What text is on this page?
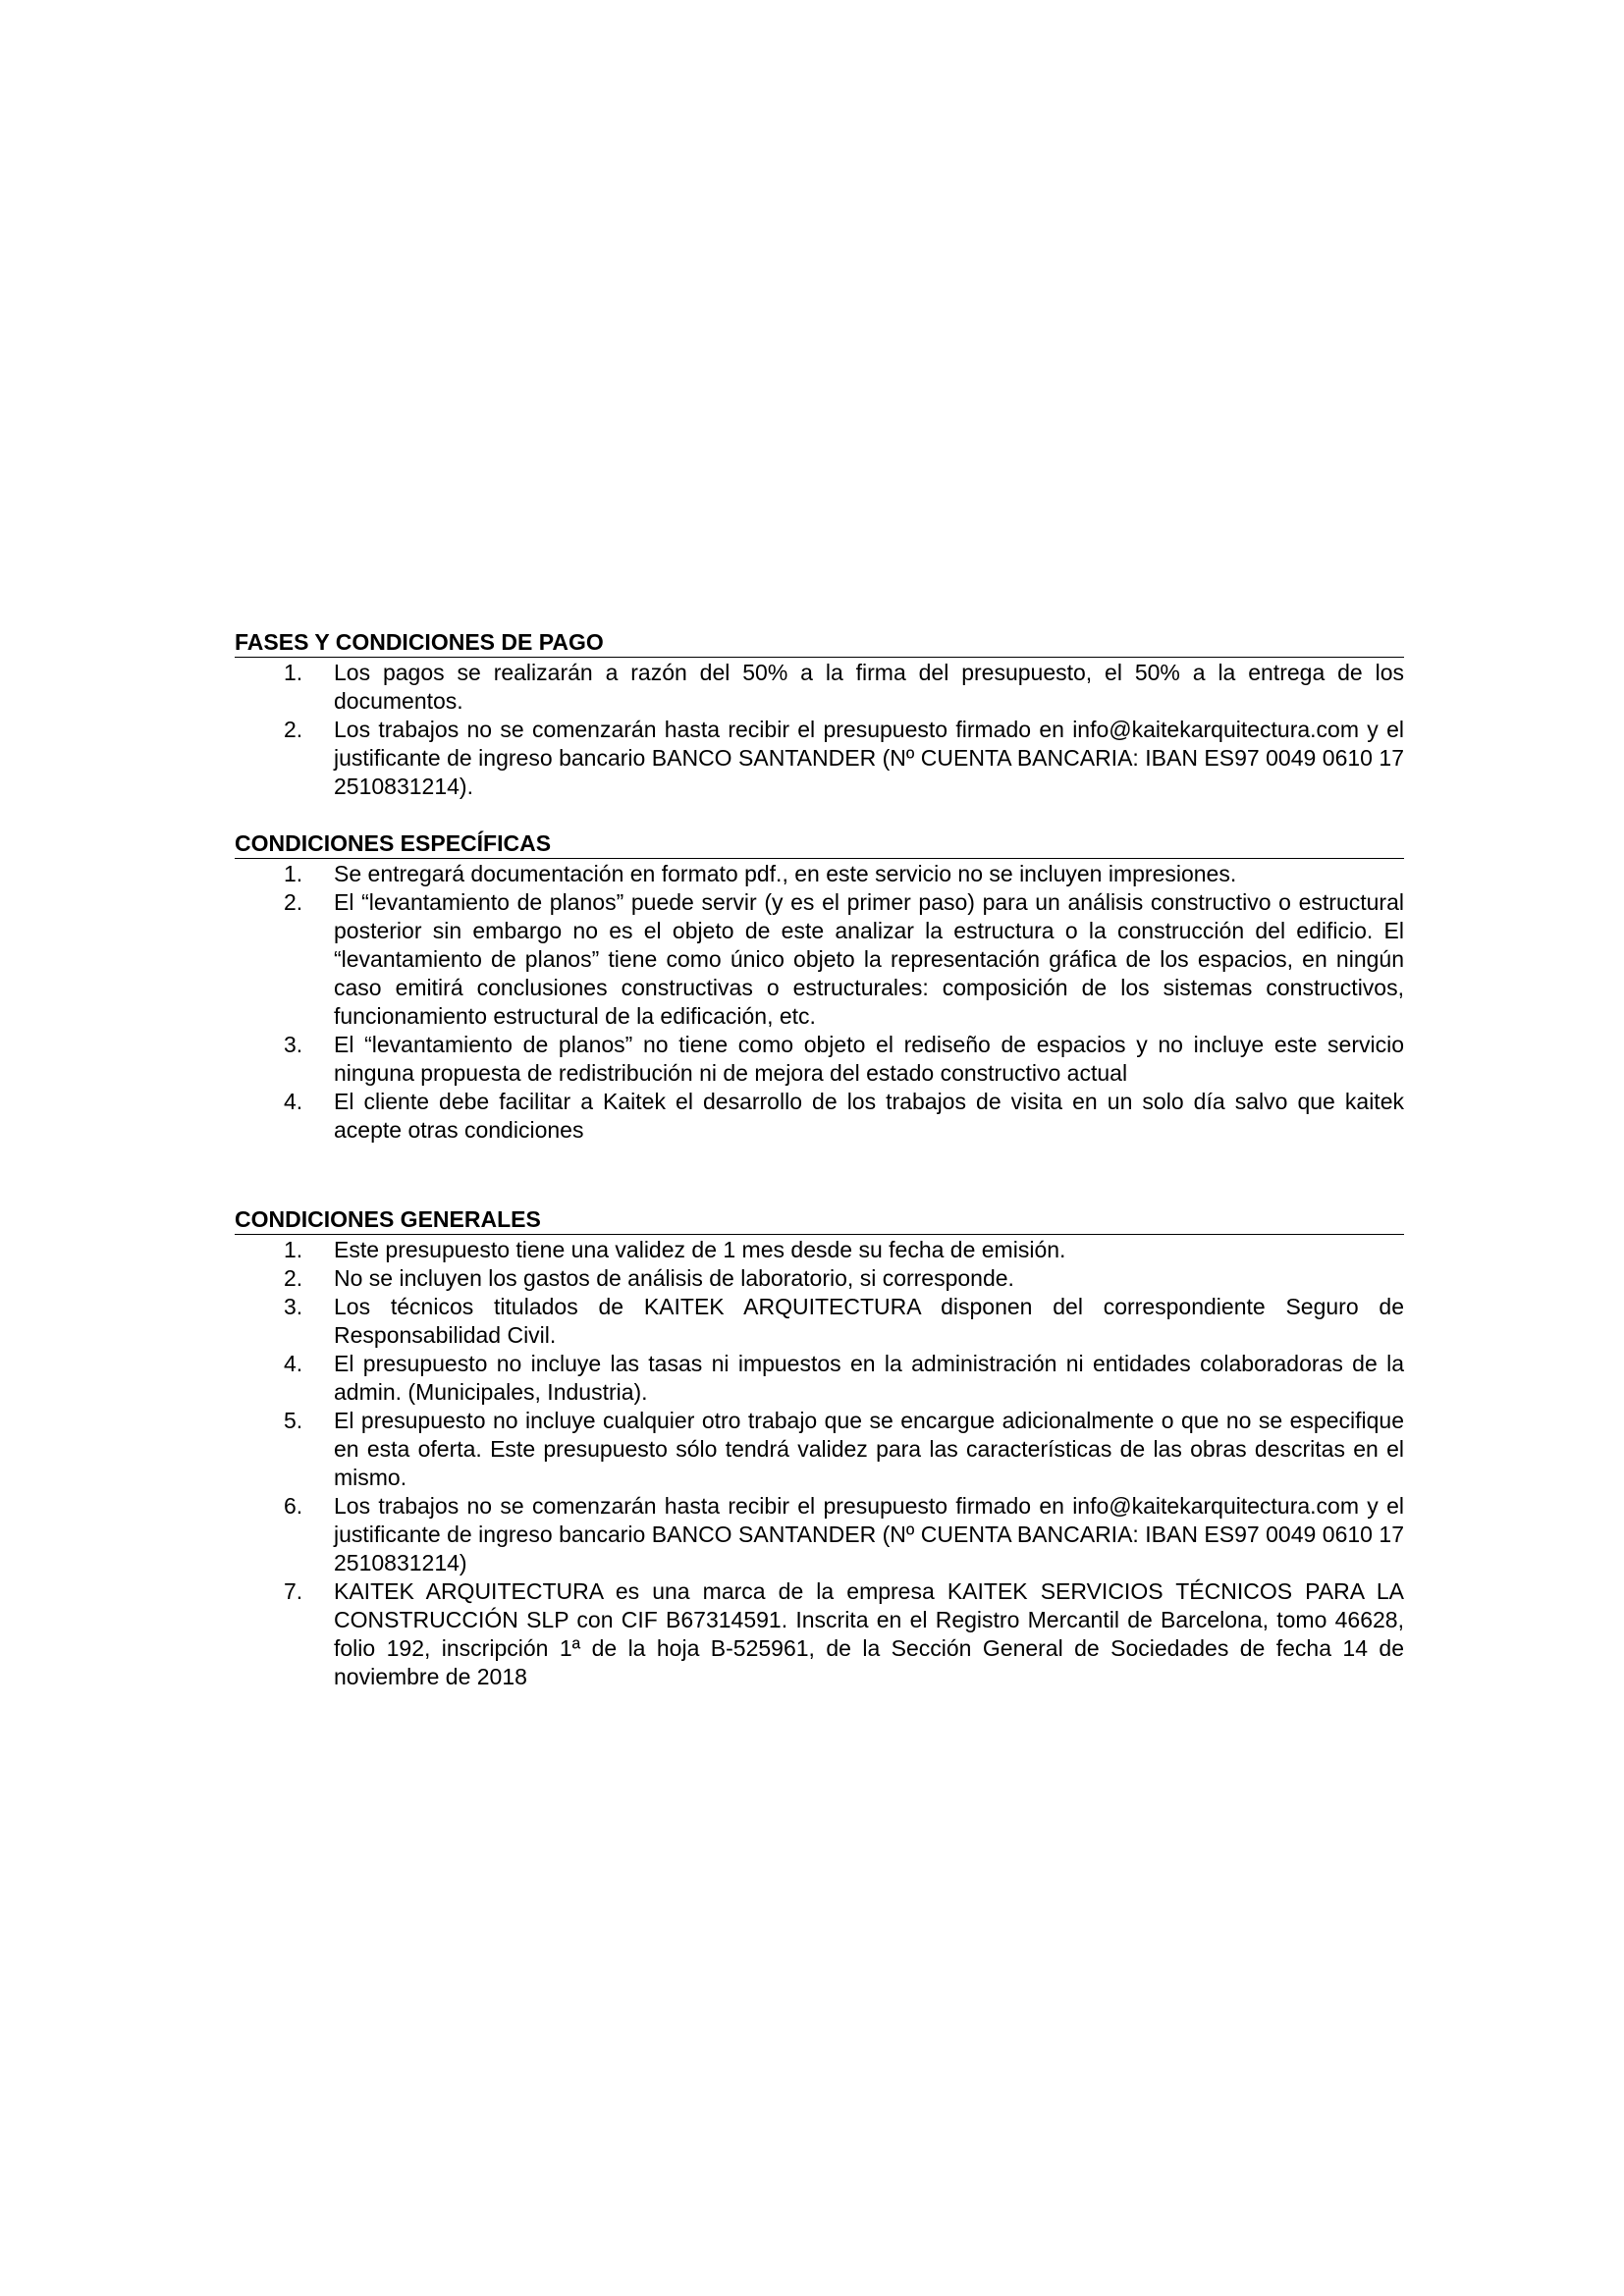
FASES Y CONDICIONES DE PAGO
1.	Los pagos se realizarán a razón del 50% a la firma del presupuesto, el 50% a la entrega de los documentos.
2.	Los trabajos no se comenzarán hasta recibir el presupuesto firmado en info@kaitekarquitectura.com y el justificante de ingreso bancario BANCO SANTANDER (Nº CUENTA BANCARIA: IBAN ES97 0049 0610 17 2510831214).
CONDICIONES ESPECÍFICAS
1.	Se entregará documentación en formato pdf., en este servicio no se incluyen impresiones.
2.	El “levantamiento de planos” puede servir (y es el primer paso) para un análisis constructivo o estructural posterior sin embargo no es el objeto de este analizar la estructura o la construcción del edificio. El “levantamiento de planos” tiene como único objeto la representación gráfica de los espacios, en ningún caso emitirá conclusiones constructivas o estructurales: composición de los sistemas constructivos, funcionamiento estructural de la edificación, etc.
3.	El “levantamiento de planos” no tiene como objeto el rediseño de espacios y no incluye este servicio ninguna propuesta de redistribución ni de mejora del estado constructivo actual
4.	El cliente debe facilitar a Kaitek el desarrollo de los trabajos de visita en un solo día salvo que kaitek acepte otras condiciones
CONDICIONES GENERALES
1.	Este presupuesto tiene una validez de 1 mes desde su fecha de emisión.
2.	No se incluyen los gastos de análisis de laboratorio, si corresponde.
3.	Los técnicos titulados de KAITEK ARQUITECTURA disponen del correspondiente Seguro de Responsabilidad Civil.
4.	El presupuesto no incluye las tasas ni impuestos en la administración ni entidades colaboradoras de la admin. (Municipales, Industria).
5.	El presupuesto no incluye cualquier otro trabajo que se encargue adicionalmente o que no se especifique en esta oferta. Este presupuesto sólo tendrá validez para las características de las obras descritas en el mismo.
6.	Los trabajos no se comenzarán hasta recibir el presupuesto firmado en info@kaitekarquitectura.com y el justificante de ingreso bancario BANCO SANTANDER (Nº CUENTA BANCARIA: IBAN ES97 0049 0610 17 2510831214)
7.	KAITEK ARQUITECTURA es una marca de la empresa KAITEK SERVICIOS TÉCNICOS PARA LA CONSTRUCCIÓN SLP con CIF B67314591. Inscrita en el Registro Mercantil de Barcelona, tomo 46628, folio 192, inscripción 1ª de la hoja B-525961, de la Sección General de Sociedades de fecha 14 de noviembre de 2018
